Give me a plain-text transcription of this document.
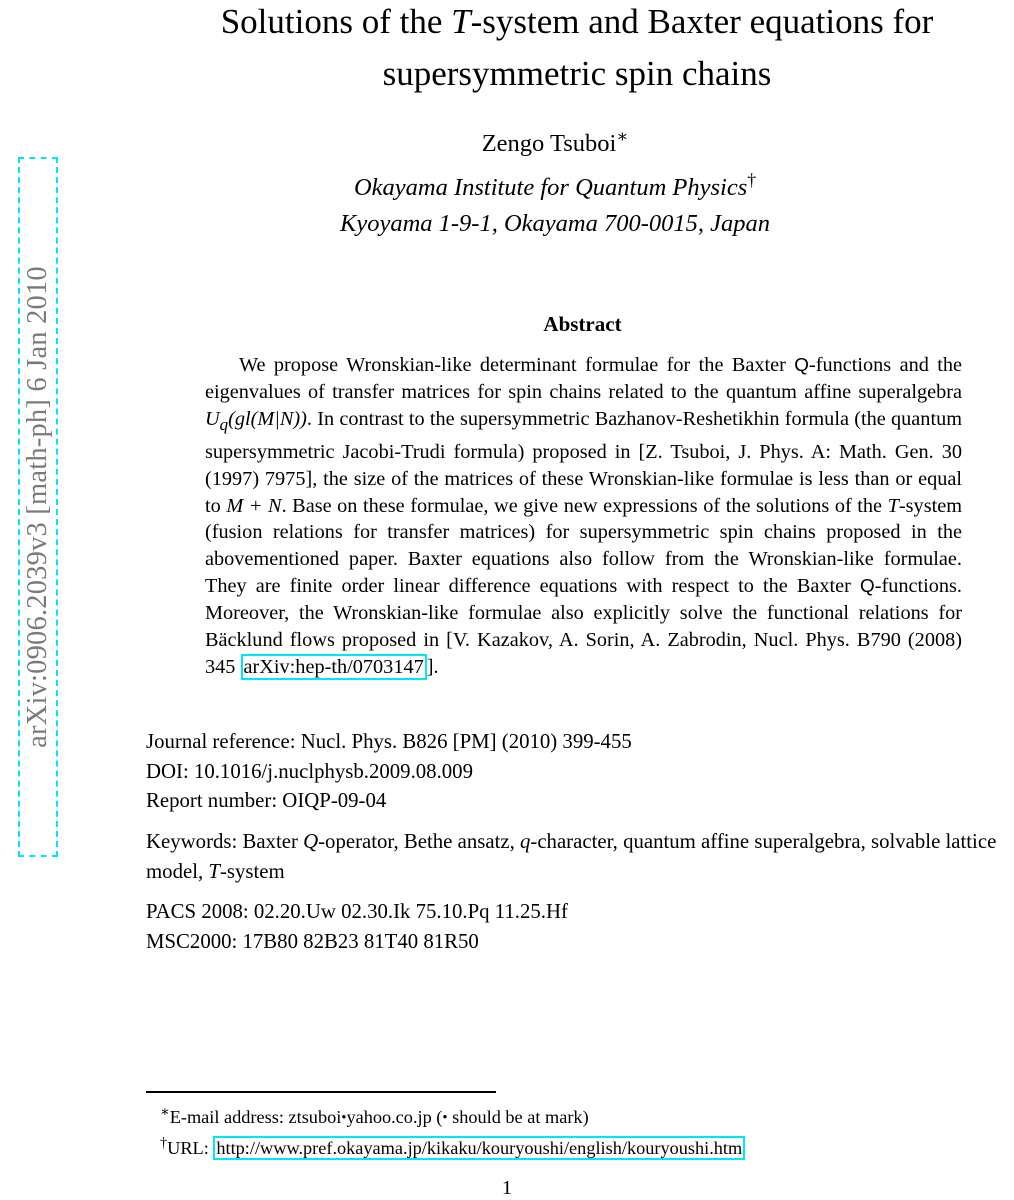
arXiv:0906.2039v3 [math-ph] 6 Jan 2010
Solutions of the T-system and Baxter equations for
supersymmetric spin chains
Zengo Tsuboi∗
Okayama Institute for Quantum Physics†
Kyoyama 1-9-1, Okayama 700-0015, Japan
Abstract
We propose Wronskian-like determinant formulae for the Baxter Q-functions and the eigenvalues of transfer matrices for spin chains related to the quantum affine superalgebra $U_q(gl(M|N))$. In contrast to the supersymmetric Bazhanov-Reshetikhin formula (the quantum supersymmetric Jacobi-Trudi formula) proposed in [Z. Tsuboi, J. Phys. A: Math. Gen. 30 (1997) 7975], the size of the matrices of these Wronskian-like formulae is less than or equal to M + N. Base on these formulae, we give new expressions of the solutions of the T-system (fusion relations for transfer matrices) for supersymmetric spin chains proposed in the abovementioned paper. Baxter equations also follow from the Wronskian-like formulae. They are finite order linear difference equations with respect to the Baxter Q-functions. Moreover, the Wronskian-like formulae also explicitly solve the functional relations for Bäcklund flows proposed in [V. Kazakov, A. Sorin, A. Zabrodin, Nucl. Phys. B790 (2008) 345 arXiv:hep-th/0703147 ].
Journal reference: Nucl. Phys. B826 [PM] (2010) 399-455
DOI: 10.1016/j.nuclphysb.2009.08.009
Report number: OIQP-09-04
Keywords: Baxter Q-operator, Bethe ansatz, q-character, quantum affine superalgebra, solvable lattice model, T-system
PACS 2008: 02.20.Uw 02.30.Ik 75.10.Pq 11.25.Hf
MSC2000: 17B80 82B23 81T40 81R50
∗E-mail address: ztsuboi•yahoo.co.jp (• should be at mark)
†URL: http://www.pref.okayama.jp/kikaku/kouryoushi/english/kouryoushi.htm
1
